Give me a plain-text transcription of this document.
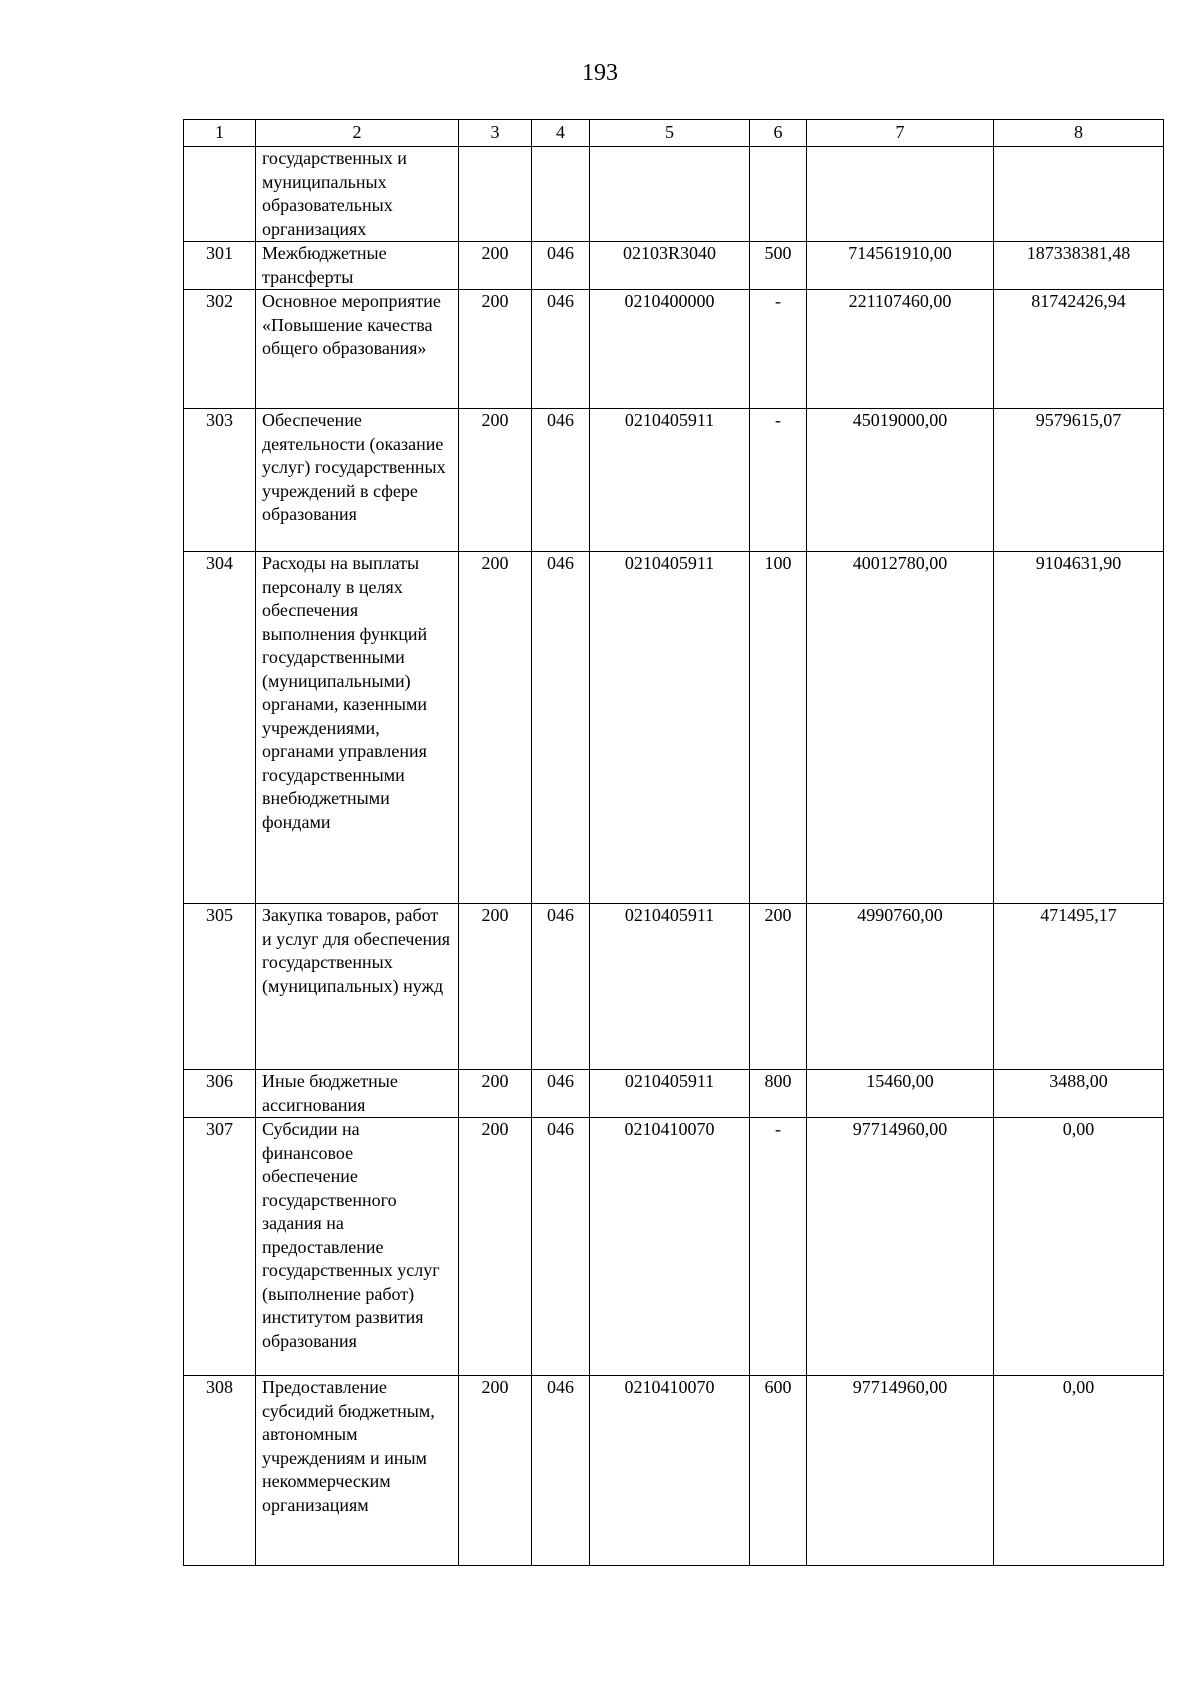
193
1	2	3	4	5	6	7	8
	государственных и муниципальных образовательных организациях						
301	Межбюджетные трансферты	200	046	02103R3040	500	714561910,00	187338381,48
302	Основное мероприятие «Повышение качества общего образования»	200	046	0210400000	-	221107460,00	81742426,94
303	Обеспечение деятельности (оказание услуг) государственных учреждений в сфере образования	200	046	0210405911	-	45019000,00	9579615,07
304	Расходы на выплаты персоналу в целях обеспечения выполнения функций государственными (муниципальными) органами, казенными учреждениями, органами управления государственными внебюджетными фондами	200	046	0210405911	100	40012780,00	9104631,90
305	Закупка товаров, работ и услуг для обеспечения государственных (муниципальных) нужд	200	046	0210405911	200	4990760,00	471495,17
306	Иные бюджетные ассигнования	200	046	0210405911	800	15460,00	3488,00
307	Субсидии на финансовое обеспечение государственного задания на предоставление государственных услуг (выполнение работ) институтом развития образования	200	046	0210410070	-	97714960,00	0,00
308	Предоставление субсидий бюджетным, автономным учреждениям и иным некоммерческим организациям	200	046	0210410070	600	97714960,00	0,00
